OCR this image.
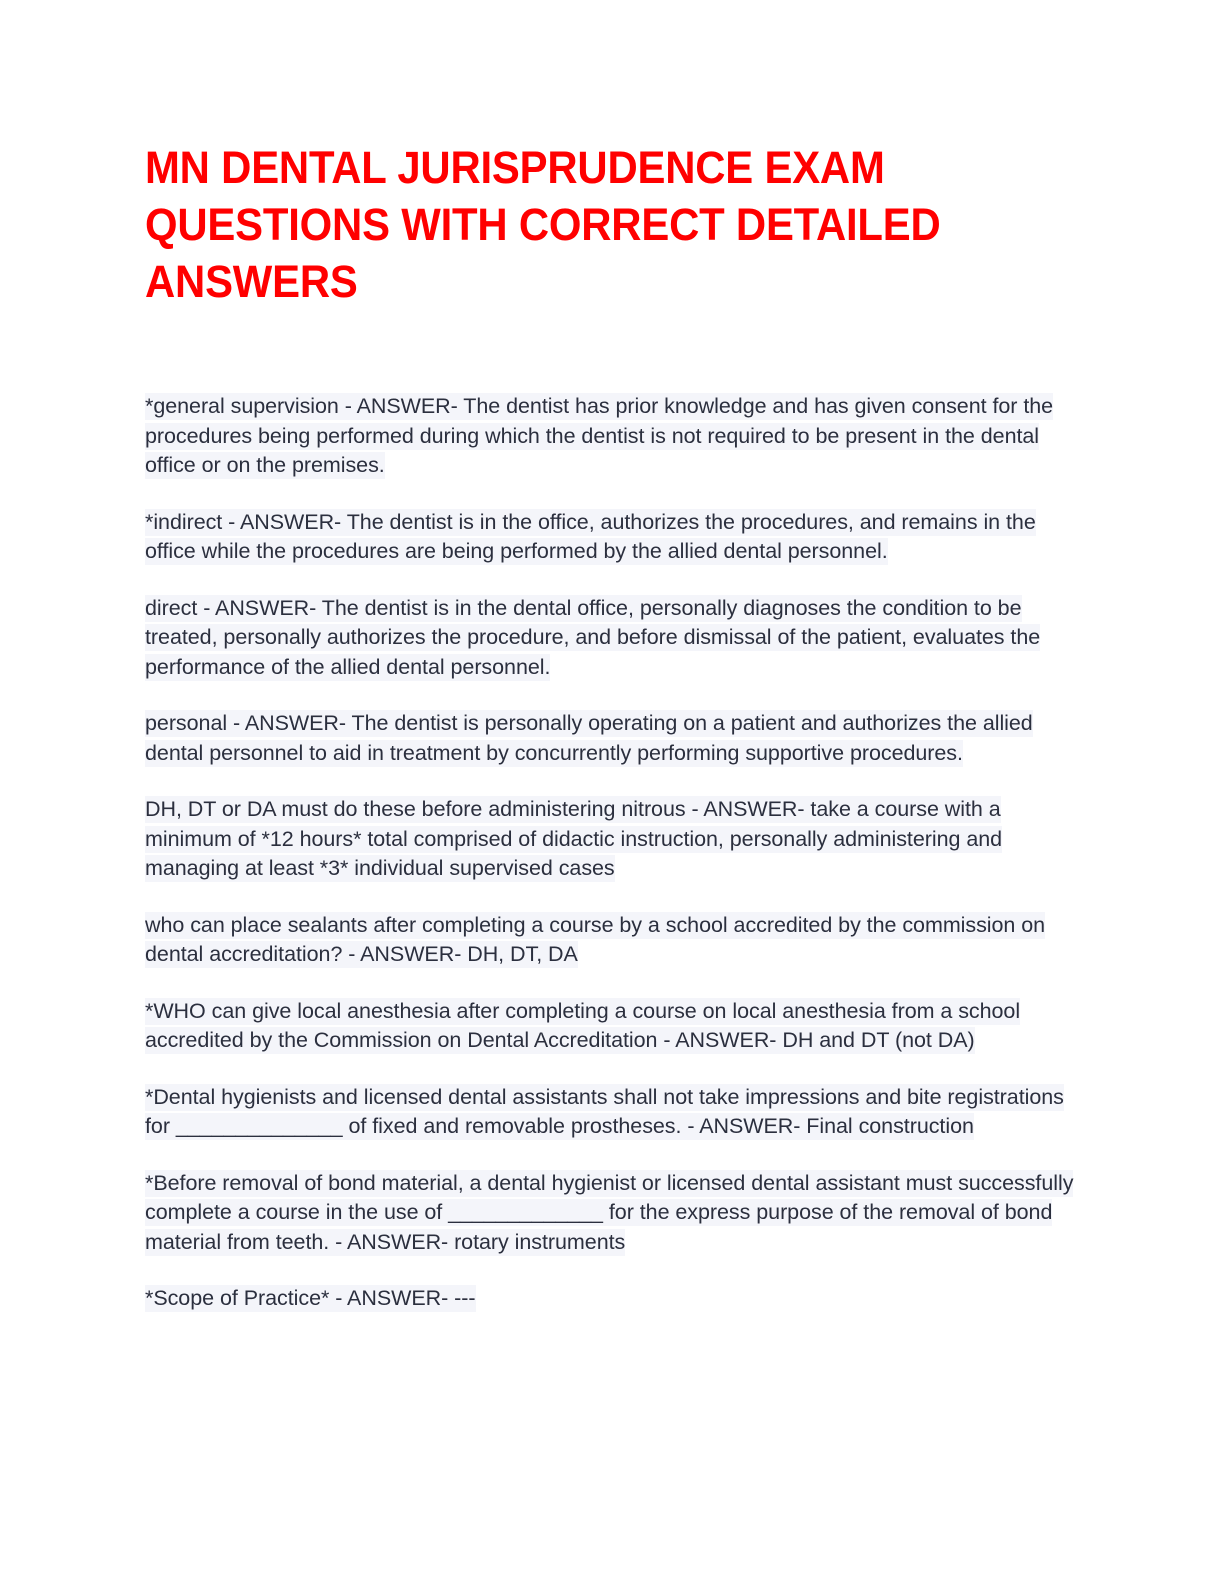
MN DENTAL JURISPRUDENCE EXAM QUESTIONS WITH CORRECT DETAILED ANSWERS

*general supervision - ANSWER- The dentist has prior knowledge and has given consent for the procedures being performed during which the dentist is not required to be present in the dental office or on the premises.

*indirect - ANSWER- The dentist is in the office, authorizes the procedures, and remains in the office while the procedures are being performed by the allied dental personnel.

direct - ANSWER- The dentist is in the dental office, personally diagnoses the condition to be treated, personally authorizes the procedure, and before dismissal of the patient, evaluates the performance of the allied dental personnel.

personal - ANSWER- The dentist is personally operating on a patient and authorizes the allied dental personnel to aid in treatment by concurrently performing supportive procedures.

DH, DT or DA must do these before administering nitrous - ANSWER- take a course with a minimum of *12 hours* total comprised of didactic instruction, personally administering and managing at least *3* individual supervised cases

who can place sealants after completing a course by a school accredited by the commission on dental accreditation? - ANSWER- DH, DT, DA

*WHO can give local anesthesia after completing a course on local anesthesia from a school accredited by the Commission on Dental Accreditation - ANSWER- DH and DT (not DA)

*Dental hygienists and licensed dental assistants shall not take impressions and bite registrations for ______________ of fixed and removable prostheses. - ANSWER- Final construction

*Before removal of bond material, a dental hygienist or licensed dental assistant must successfully complete a course in the use of _____________ for the express purpose of the removal of bond material from teeth. - ANSWER- rotary instruments

*Scope of Practice* - ANSWER- ---
